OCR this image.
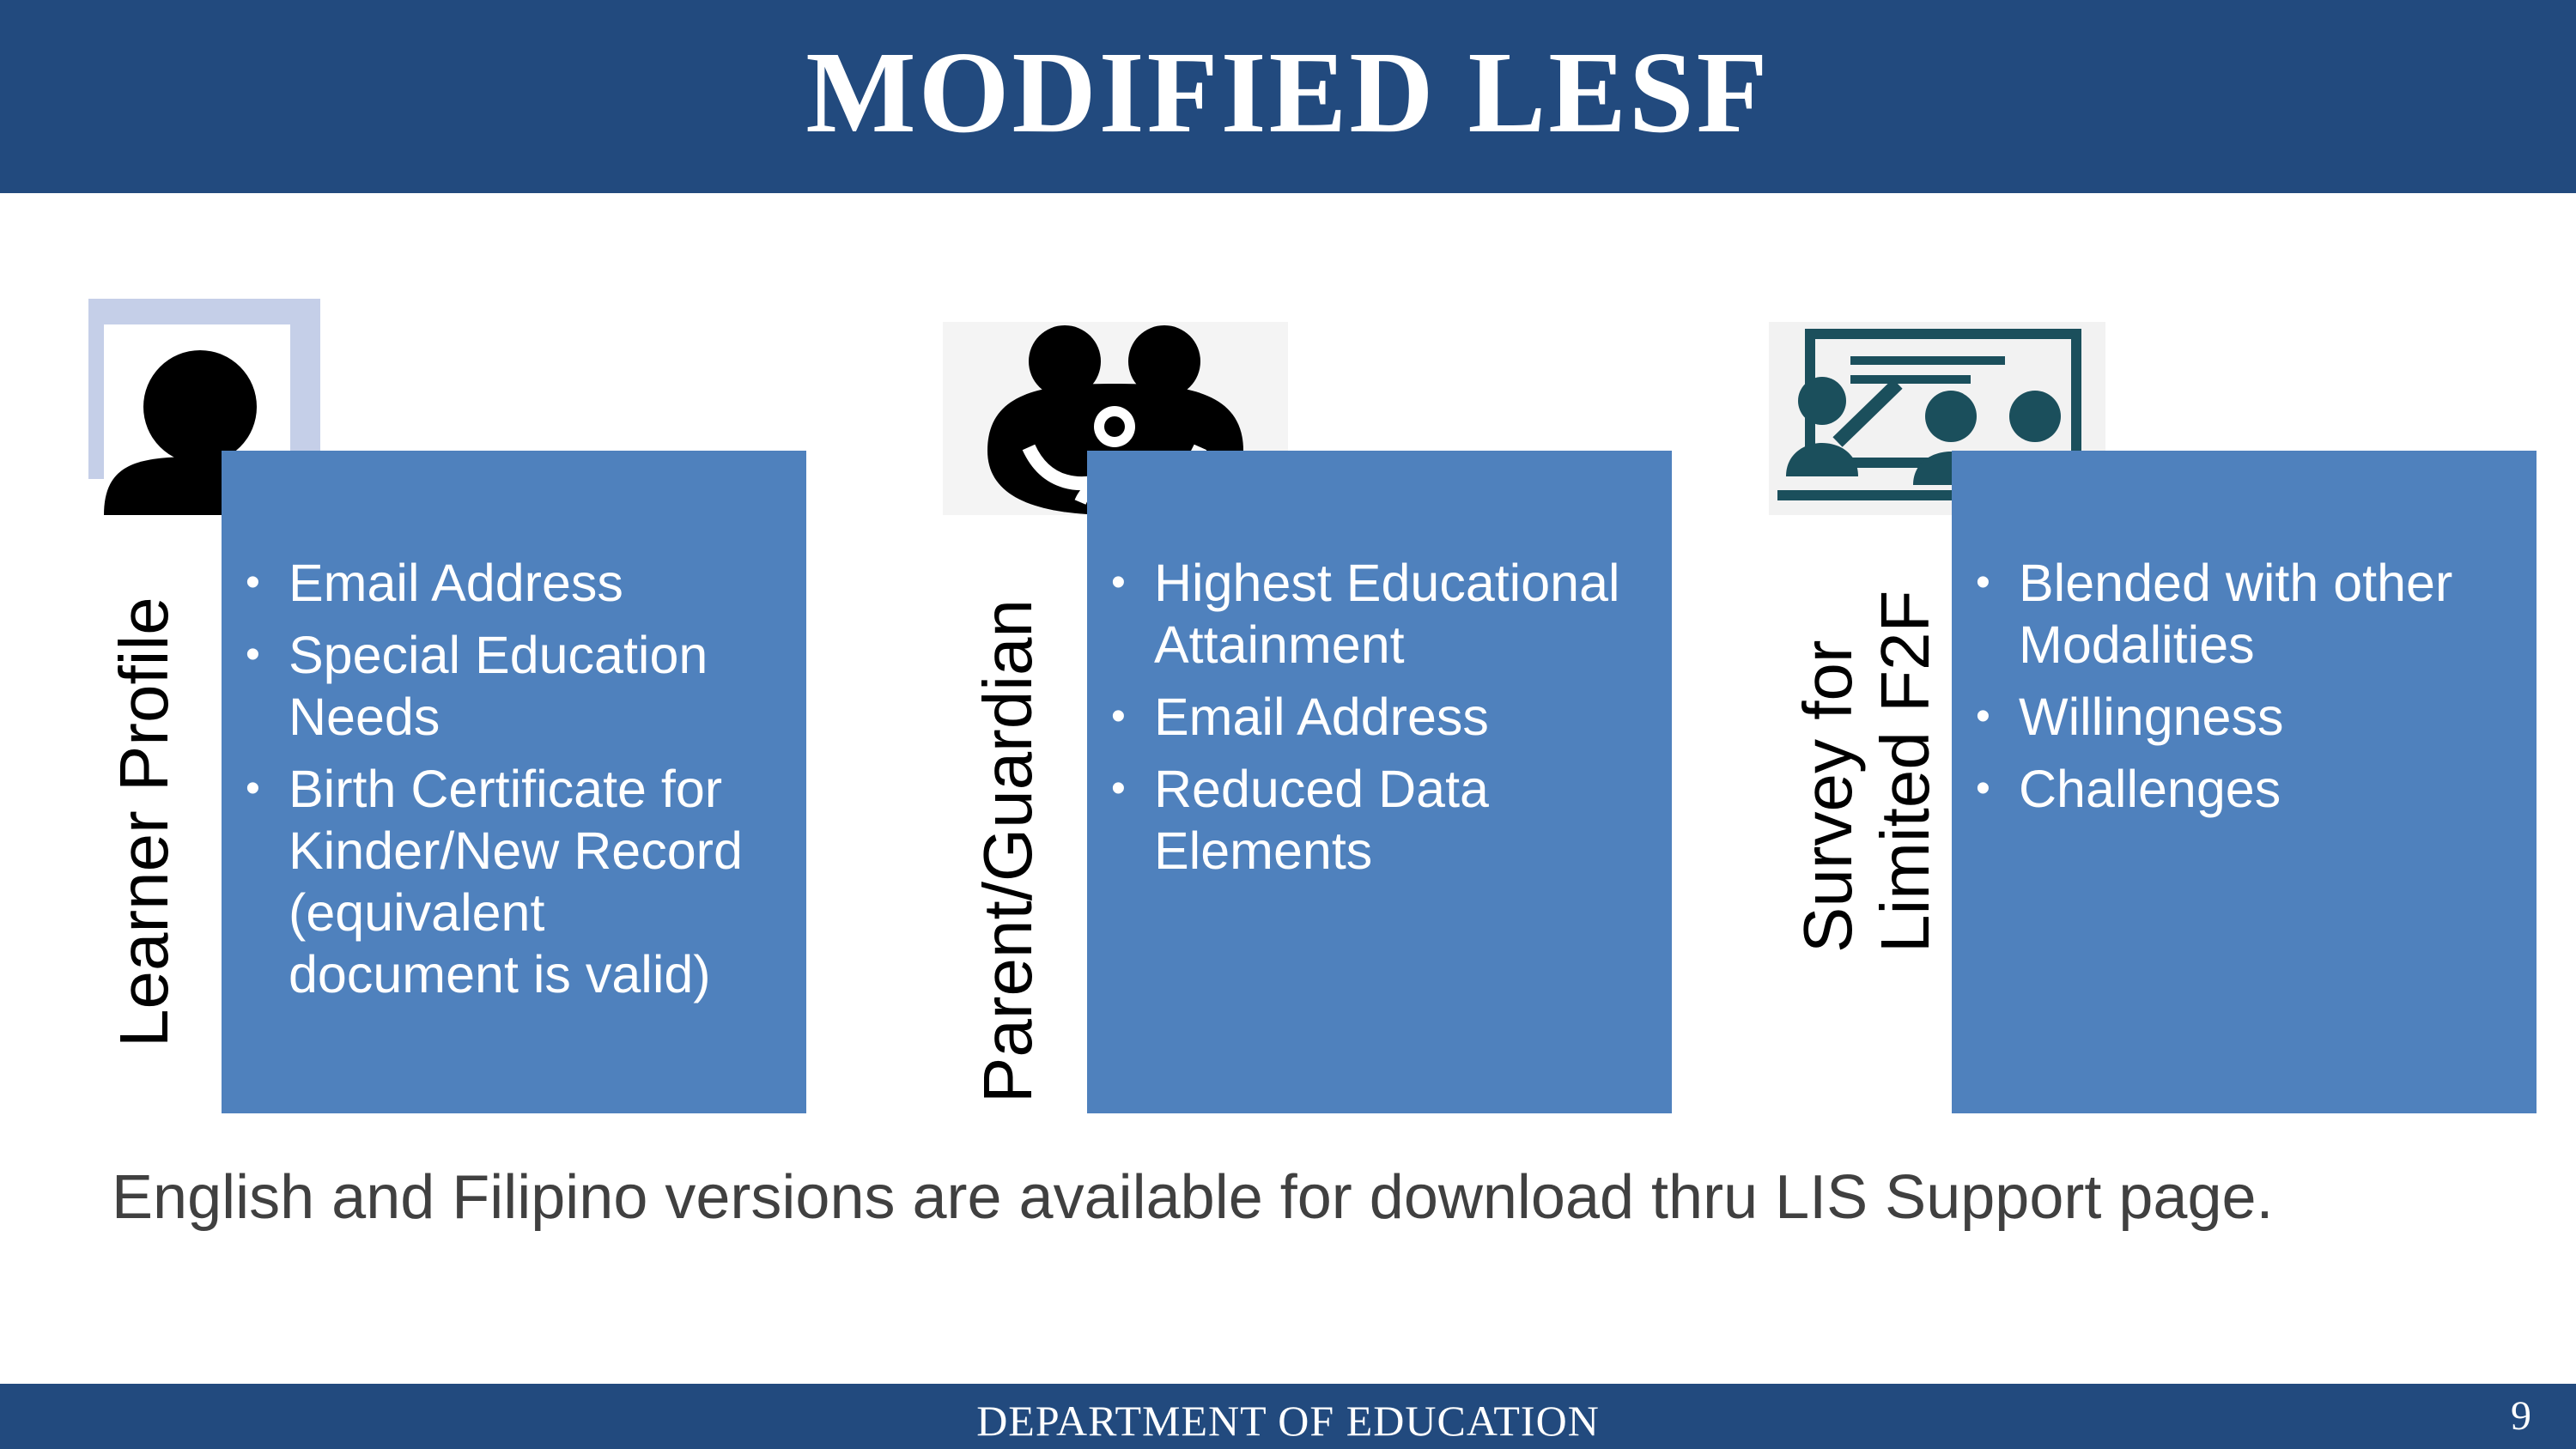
MODIFIED LESF
Learner Profile
• Email Address
• Special Education Needs
• Birth Certificate for Kinder/New Record (equivalent document is valid)	Parent/Guardian
• Highest Educational Attainment
• Email Address
• Reduced Data Elements	Survey for Limited F2F
• Blended with other Modalities
• Willingness
• Challenges
English and Filipino versions are available for download thru LIS Support page.
DEPARTMENT OF EDUCATION	9
